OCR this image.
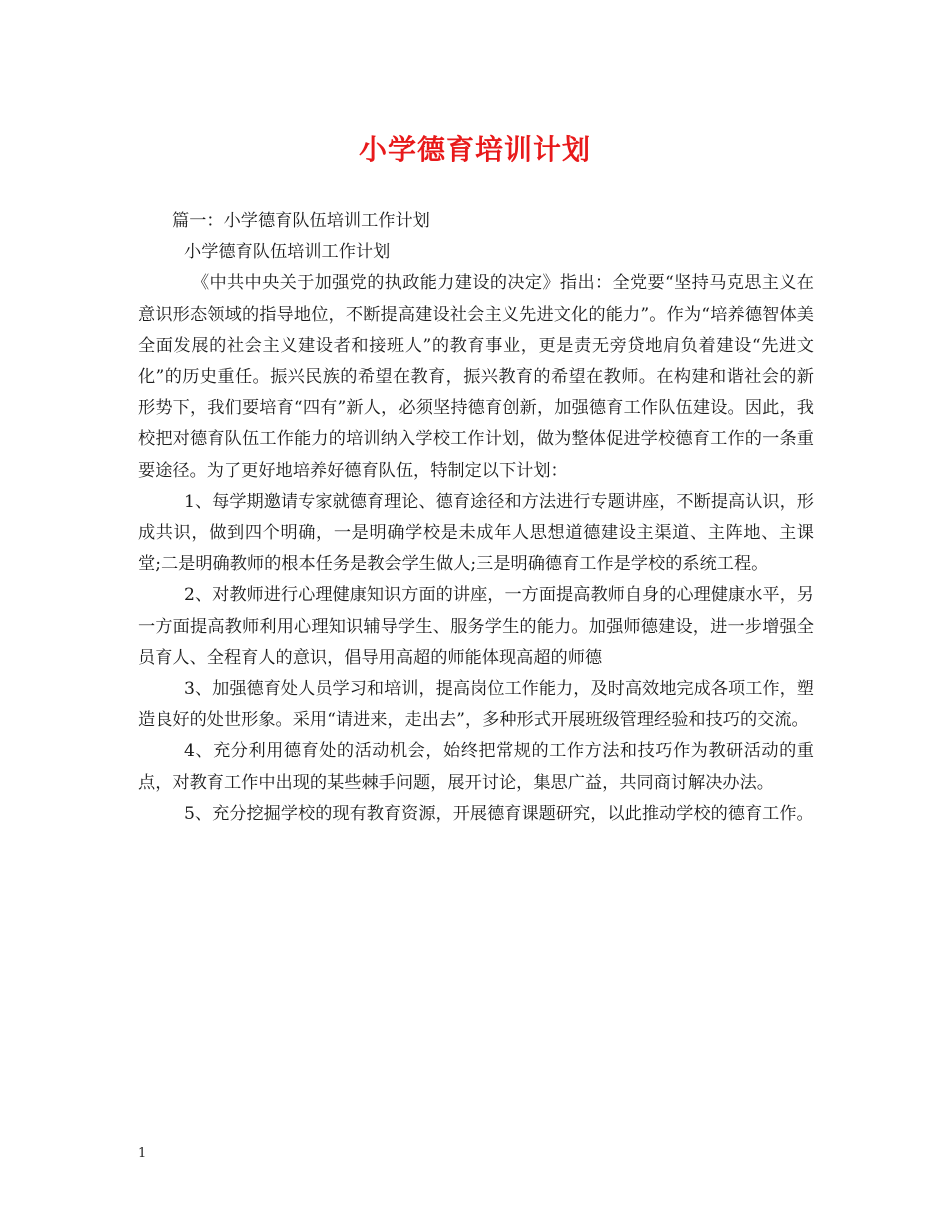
小学德育培训计划

篇一：小学德育队伍培训工作计划

小学德育队伍培训工作计划

《中共中央关于加强党的执政能力建设的决定》指出：全党要“坚持马克思主义在意识形态领域的指导地位，不断提高建设社会主义先进文化的能力”。作为“培养德智体美全面发展的社会主义建设者和接班人”的教育事业，更是责无旁贷地肩负着建设“先进文化”的历史重任。振兴民族的希望在教育，振兴教育的希望在教师。在构建和谐社会的新形势下，我们要培育“四有”新人，必须坚持德育创新，加强德育工作队伍建设。因此，我校把对德育队伍工作能力的培训纳入学校工作计划，做为整体促进学校德育工作的一条重要途径。为了更好地培养好德育队伍，特制定以下计划：

1、每学期邀请专家就德育理论、德育途径和方法进行专题讲座，不断提高认识，形成共识，做到四个明确，一是明确学校是未成年人思想道德建设主渠道、主阵地、主课堂;二是明确教师的根本任务是教会学生做人;三是明确德育工作是学校的系统工程。

2、对教师进行心理健康知识方面的讲座，一方面提高教师自身的心理健康水平，另一方面提高教师利用心理知识辅导学生、服务学生的能力。加强师德建设，进一步增强全员育人、全程育人的意识，倡导用高超的师能体现高超的师德

3、加强德育处人员学习和培训，提高岗位工作能力，及时高效地完成各项工作，塑造良好的处世形象。采用“请进来，走出去”，多种形式开展班级管理经验和技巧的交流。

4、充分利用德育处的活动机会，始终把常规的工作方法和技巧作为教研活动的重点，对教育工作中出现的某些棘手问题，展开讨论，集思广益，共同商讨解决办法。

5、充分挖掘学校的现有教育资源，开展德育课题研究，以此推动学校的德育工作。

1
